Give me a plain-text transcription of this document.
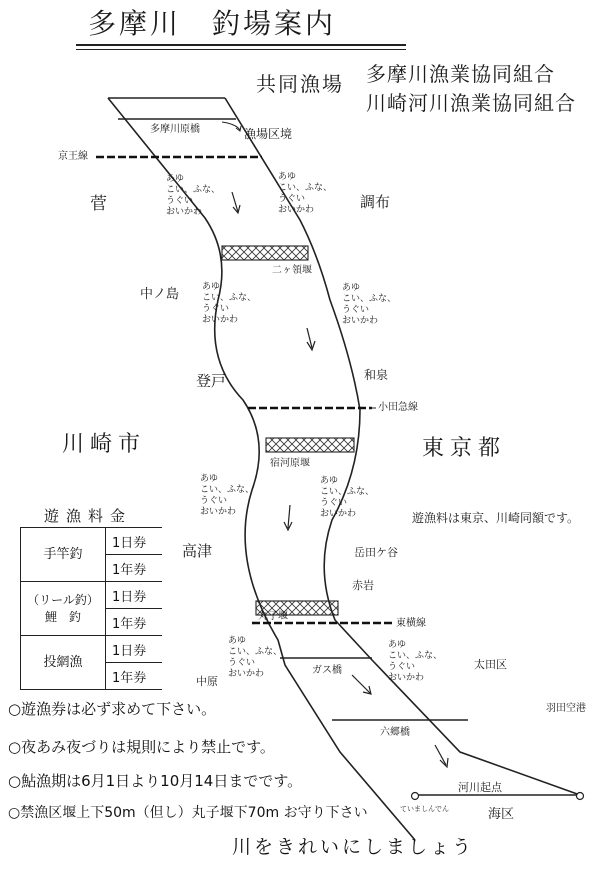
多摩川　釣場案内
共同漁場 多摩川漁業協同組合
川崎河川漁業協同組合
多摩川原橋	漁場区境
京王線
二ヶ領堰
小田急線
宿河原堰
丸子堰
東横線
ガス橋
六郷橋
菅	調布
中ノ島
登戸	和泉
川崎市	東京都
高津	岳田ケ谷
赤岩
中原
太田区
羽田空港
河川起点
ていましんでん	海区
あゆ
こい、ふな、
うぐい
おいかわ
あゆ
こい、ふな、
うぐい
おいかわ
あゆ
こい、ふな、
うぐい
おいかわ
あゆ
こい、ふな、
うぐい
おいかわ
あゆ
こい、ふな、
うぐい
おいかわ
あゆ
こい、ふな、
うぐい
おいかわ
あゆ
こい、ふな、
うぐい
おいかわ
あゆ
こい、ふな、
うぐい
おいかわ
遊漁料は東京、川崎同額です。
遊漁料金
手竿釣	1日券
	1年券
（リール釣）
鯉　釣	1日券
	1年券
投網漁	1日券
	1年券
○遊漁券は必ず求めて下さい。
○夜あみ夜づりは規則により禁止です。
○鮎漁期は6月1日より10月14日までです。
○禁漁区堰上下50m（但し）丸子堰下70m お守り下さい
川をきれいにしましょう
